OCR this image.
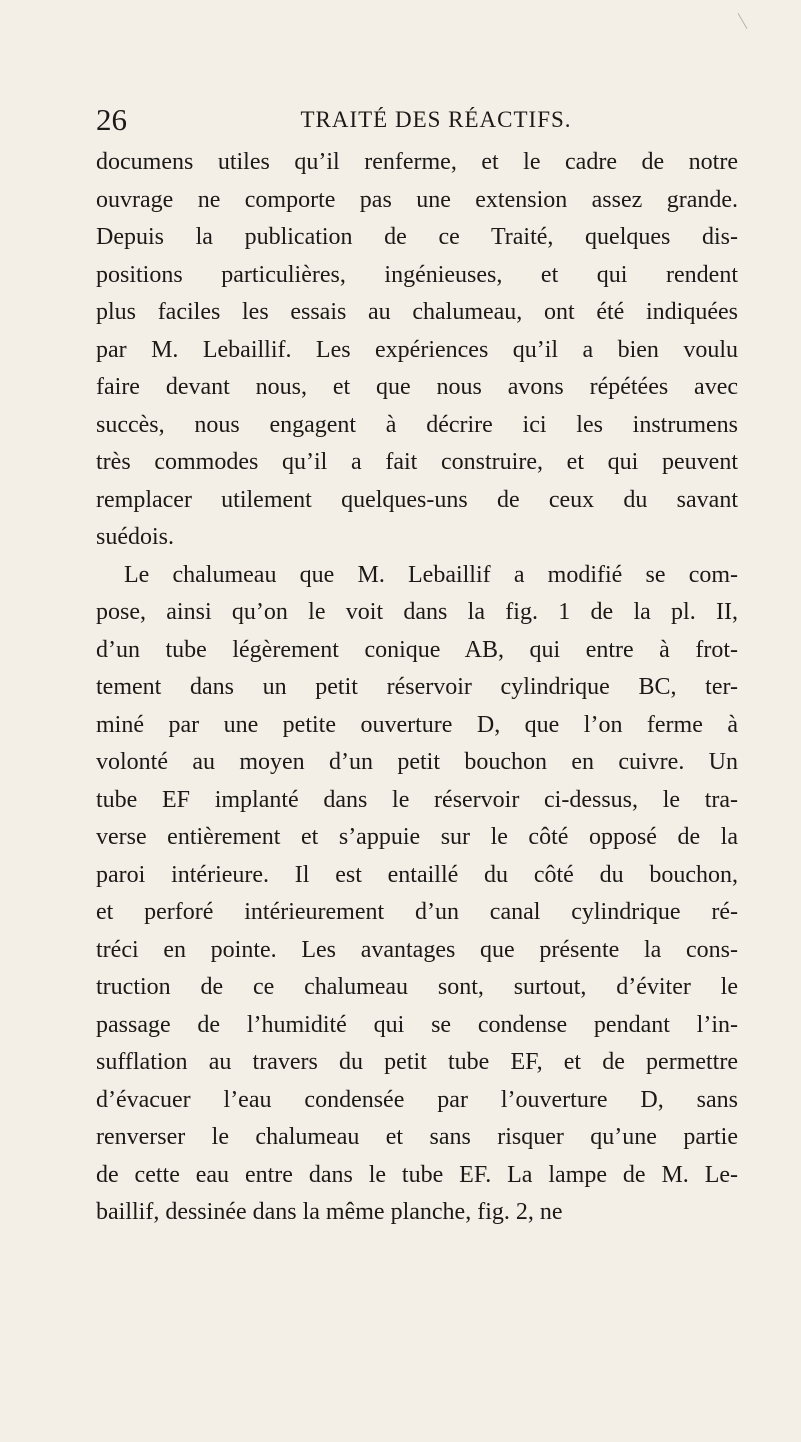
26	TRAITÉ DES RÉACTIFS.
documens utiles qu’il renferme, et le cadre de notre
ouvrage ne comporte pas une extension assez grande.
Depuis la publication de ce Traité, quelques dis-
positions particulières, ingénieuses, et qui rendent
plus faciles les essais au chalumeau, ont été indiquées
par M. Lebaillif. Les expériences qu’il a bien voulu
faire devant nous, et que nous avons répétées avec
succès, nous engagent à décrire ici les instrumens
très commodes qu’il a fait construire, et qui peuvent
remplacer utilement quelques-uns de ceux du savant
suédois.
Le chalumeau que M. Lebaillif a modifié se com-
pose, ainsi qu’on le voit dans la fig. 1 de la pl. II,
d’un tube légèrement conique AB, qui entre à frot-
tement dans un petit réservoir cylindrique BC, ter-
miné par une petite ouverture D, que l’on ferme à
volonté au moyen d’un petit bouchon en cuivre. Un
tube EF implanté dans le réservoir ci-dessus, le tra-
verse entièrement et s’appuie sur le côté opposé de la
paroi intérieure. Il est entaillé du côté du bouchon,
et perforé intérieurement d’un canal cylindrique ré-
tréci en pointe. Les avantages que présente la cons-
truction de ce chalumeau sont, surtout, d’éviter le
passage de l’humidité qui se condense pendant l’in-
sufflation au travers du petit tube EF, et de permettre
d’évacuer l’eau condensée par l’ouverture D, sans
renverser le chalumeau et sans risquer qu’une partie
de cette eau entre dans le tube EF. La lampe de M. Le-
baillif, dessinée dans la même planche, fig. 2, ne
